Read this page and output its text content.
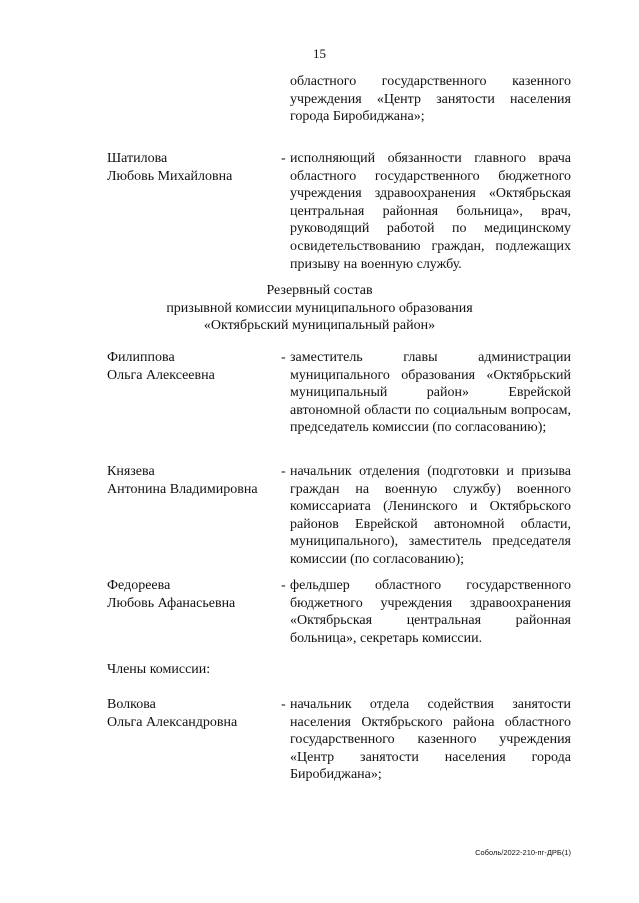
15
областного государственного казенного учреждения «Центр занятости населения города Биробиджана»;
Шатилова
Любовь Михайловна
- исполняющий обязанности главного врача областного государственного бюджетного учреждения здравоохранения «Октябрьская центральная районная больница», врач, руководящий работой по медицинскому освидетельствованию граждан, подлежащих призыву на военную службу.
Резервный состав
призывной комиссии муниципального образования
«Октябрьский муниципальный район»
Филиппова
Ольга Алексеевна
- заместитель главы администрации муниципального образования «Октябрьский муниципальный район» Еврейской автономной области по социальным вопросам, председатель комиссии (по согласованию);
Князева
Антонина Владимировна
- начальник отделения (подготовки и призыва граждан на военную службу) военного комиссариата (Ленинского и Октябрьского районов Еврейской автономной области, муниципального), заместитель председателя комиссии (по согласованию);
Федореева
Любовь Афанасьевна
- фельдшер областного государственного бюджетного учреждения здравоохранения «Октябрьская центральная районная больница», секретарь комиссии.
Члены комиссии:
Волкова
Ольга Александровна
- начальник отдела содействия занятости населения Октябрьского района областного государственного казенного учреждения «Центр занятости населения города Биробиджана»;
Соболь/2022-210-пг-ДРБ(1)
